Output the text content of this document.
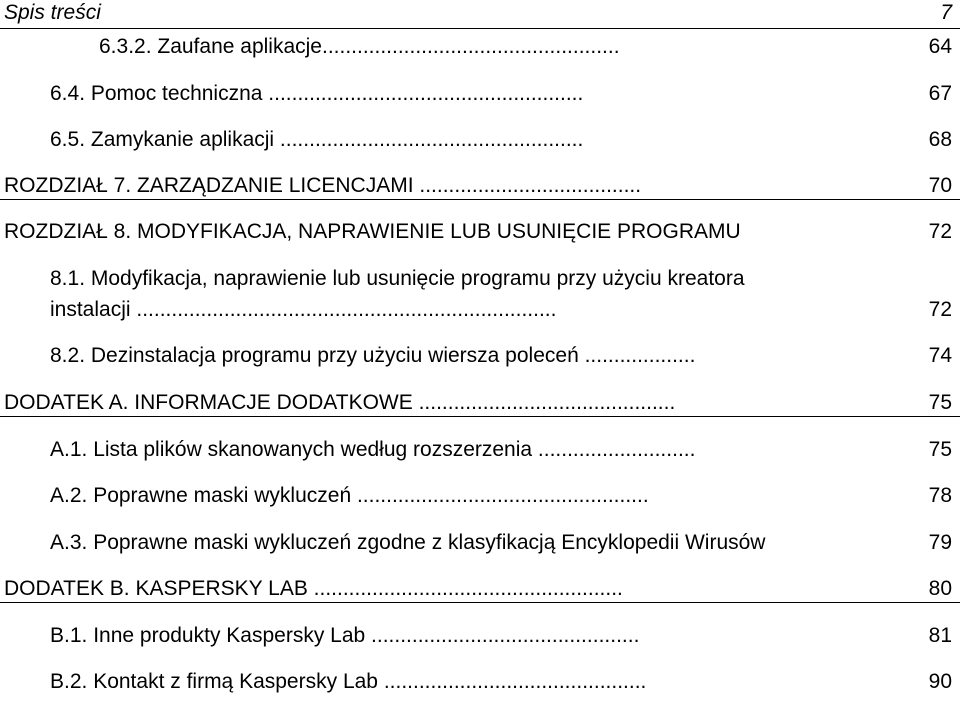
Spis treści	7
6.3.2. Zaufane aplikacje...................................................	64
6.4. Pomoc techniczna ......................................................	67
6.5. Zamykanie aplikacji ....................................................	68
ROZDZIAŁ 7. ZARZĄDZANIE LICENCJAMI ......................................	70
ROZDZIAŁ 8. MODYFIKACJA, NAPRAWIENIE LUB USUNIĘCIE PROGRAMU	72
8.1. Modyfikacja, naprawienie lub usunięcie programu przy użyciu kreatora
instalacji ........................................................................	72
8.2. Dezinstalacja programu przy użyciu wiersza poleceń ...................	74
DODATEK A. INFORMACJE DODATKOWE ............................................	75
A.1. Lista plików skanowanych według rozszerzenia ...........................	75
A.2. Poprawne maski wykluczeń ..................................................	78
A.3. Poprawne maski wykluczeń zgodne z klasyfikacją Encyklopedii Wirusów	79
DODATEK B. KASPERSKY LAB .....................................................	80
B.1. Inne produkty Kaspersky Lab ..............................................	81
B.2. Kontakt z firmą Kaspersky Lab .............................................	90
